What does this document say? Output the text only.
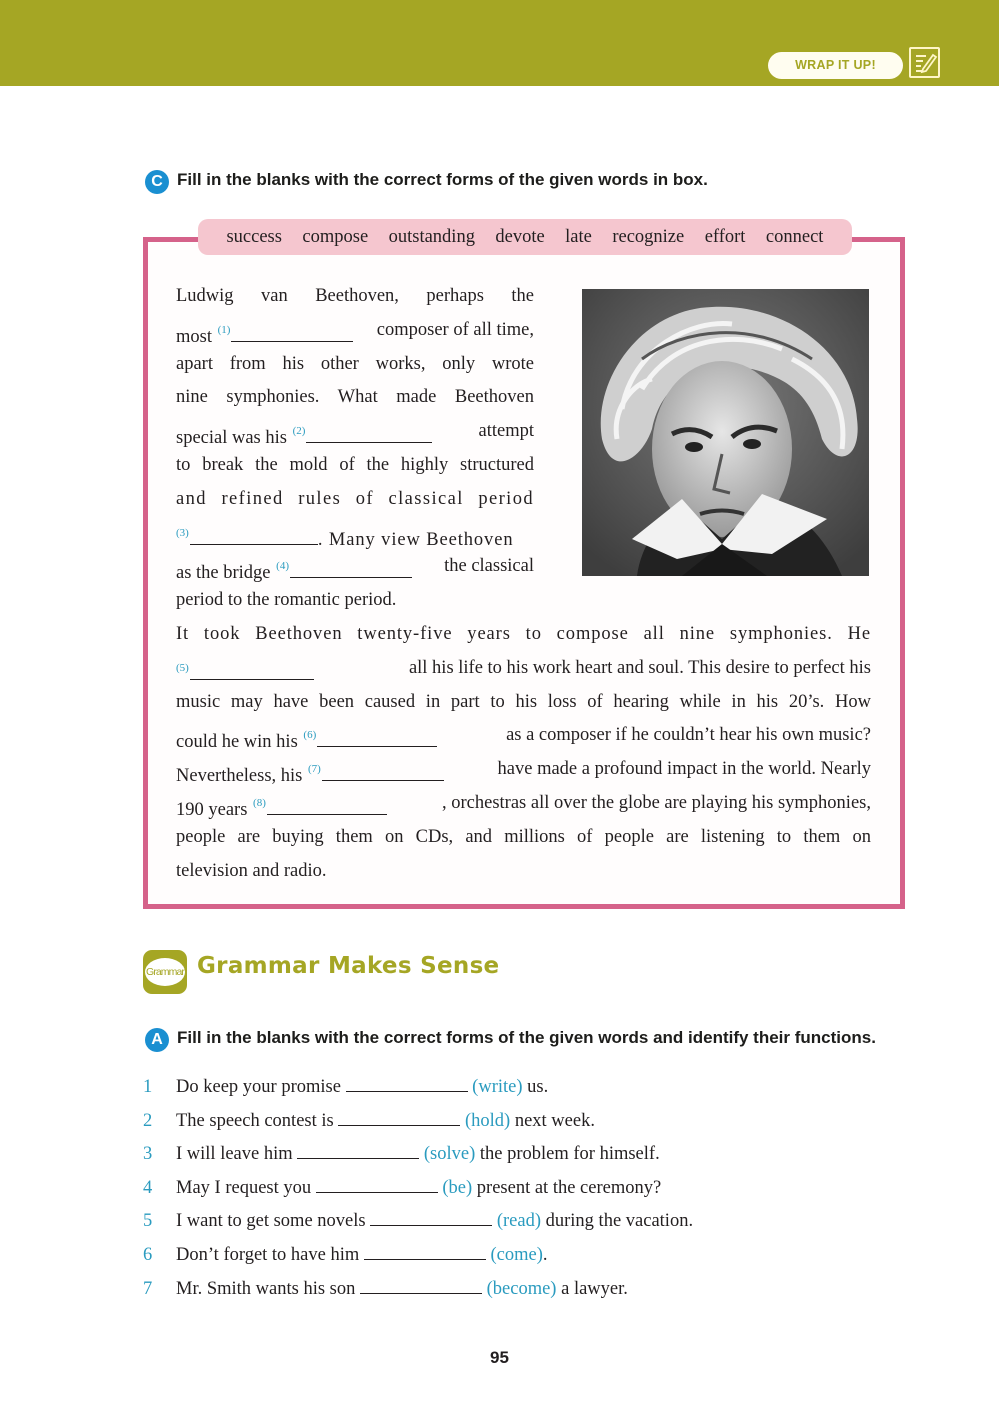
WRAP IT UP!
C Fill in the blanks with the correct forms of the given words in box.
success compose outstanding devote late recognize effort connect
Ludwig van Beethoven, perhaps the
most $^{(1)}$	composer of all time,
apart from his other works, only wrote
nine symphonies. What made Beethoven
special was his $^{(2)}$	attempt
to break the mold of the highly structured
and refined rules of classical period
$^{(3)}$	. Many view Beethoven
as the bridge $^{(4)}$	the classical
period to the romantic period.
It took Beethoven twenty-five years to compose all nine symphonies. He
$^{(5)}$	all his life to his work heart and soul. This desire to perfect his
music may have been caused in part to his loss of hearing while in his 20’s. How
could he win his $^{(6)}$	as a composer if he couldn’t hear his own music?
Nevertheless, his $^{(7)}$	have made a profound impact in the world. Nearly
190 years $^{(8)}$	, orchestras all over the globe are playing his symphonies,
people are buying them on CDs, and millions of people are listening to them on
television and radio.
Grammar Grammar Makes Sense
A Fill in the blanks with the correct forms of the given words and identify their functions.
1 Do keep your promise	(write) us.
2 The speech contest is	(hold) next week.
3 I will leave him	(solve) the problem for himself.
4 May I request you	(be) present at the ceremony?
5 I want to get some novels	(read) during the vacation.
6 Don’t forget to have him	(come).
7 Mr. Smith wants his son	(become) a lawyer.
95
